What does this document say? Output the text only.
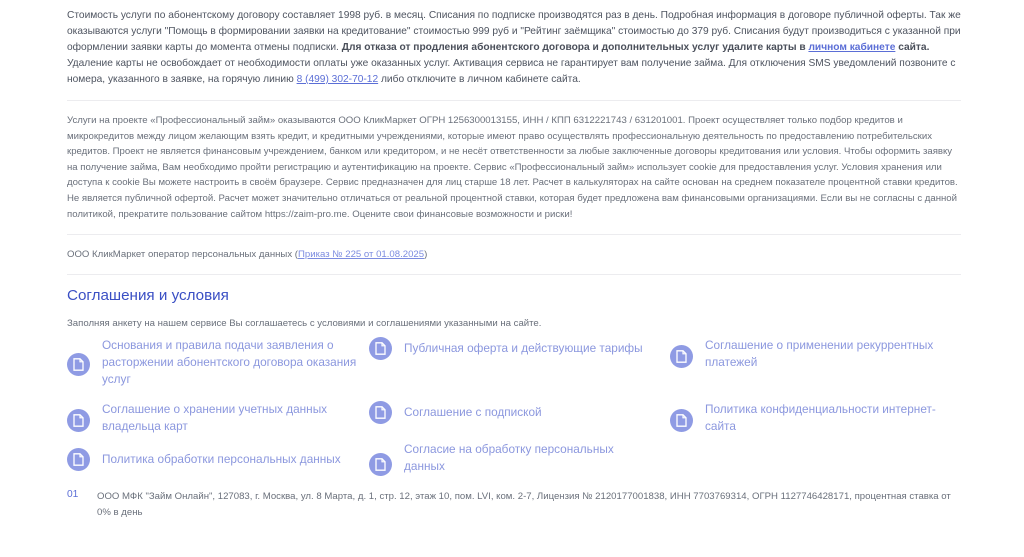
Стоимость услуги по абонентскому договору составляет 1998 руб. в месяц. Списания по подписке производятся раз в день. Подробная информация в договоре публичной оферты. Так же оказываются услуги "Помощь в формировании заявки на кредитование" стоимостью 999 руб и "Рейтинг заёмщика" стоимостью до 379 руб. Списания будут производиться с указанной при оформлении заявки карты до момента отмены подписки. Для отказа от продления абонентского договора и дополнительных услуг удалите карты в личном кабинете сайта. Удаление карты не освобождает от необходимости оплаты уже оказанных услуг. Активация сервиса не гарантирует вам получение займа. Для отключения SMS уведомлений позвоните с номера, указанного в заявке, на горячую линию 8 (499) 302-70-12 либо отключите в личном кабинете сайта.

Услуги на проекте «Профессиональный займ» оказываются ООО КликМаркет ОГРН 1256300013155, ИНН / КПП 6312221743 / 631201001. Проект осуществляет только подбор кредитов и микрокредитов между лицом желающим взять кредит, и кредитными учреждениями, которые имеют право осуществлять профессиональную деятельность по предоставлению потребительских кредитов. Проект не является финансовым учреждением, банком или кредитором, и не несёт ответственности за любые заключенные договоры кредитования или условия. Чтобы оформить заявку на получение займа, Вам необходимо пройти регистрацию и аутентификацию на проекте. Сервис «Профессиональный займ» использует cookie для предоставления услуг. Условия хранения или доступа к cookie Вы можете настроить в своём браузере. Сервис предназначен для лиц старше 18 лет. Расчет в калькуляторах на сайте основан на среднем показателе процентной ставки кредитов. Не является публичной офертой. Расчет может значительно отличаться от реальной процентной ставки, которая будет предложена вам финансовыми организациями. Если вы не согласны с данной политикой, прекратите пользование сайтом https://zaim-pro.me. Оцените свои финансовые возможности и риски!

ООО КликМаркет оператор персональных данных (Приказ № 225 от 01.08.2025)

Соглашения и условия

Заполняя анкету на нашем сервисе Вы соглашаетесь с условиями и соглашениями указанными на сайте.

Основания и правила подачи заявления о расторжении абонентского договора оказания услуг
Соглашение о хранении учетных данных владельца карт
Политика обработки персональных данных
Публичная оферта и действующие тарифы
Соглашение с подпиской
Согласие на обработку персональных данных
Соглашение о применении рекуррентных платежей
Политика конфиденциальности интернет-сайта
01 ООО МФК "Займ Онлайн", 127083, г. Москва, ул. 8 Марта, д. 1, стр. 12, этаж 10, пом. LVI, ком. 2-7, Лицензия № 2120177001838, ИНН 7703769314, ОГРН 1127746428171, процентная ставка от 0% в день
